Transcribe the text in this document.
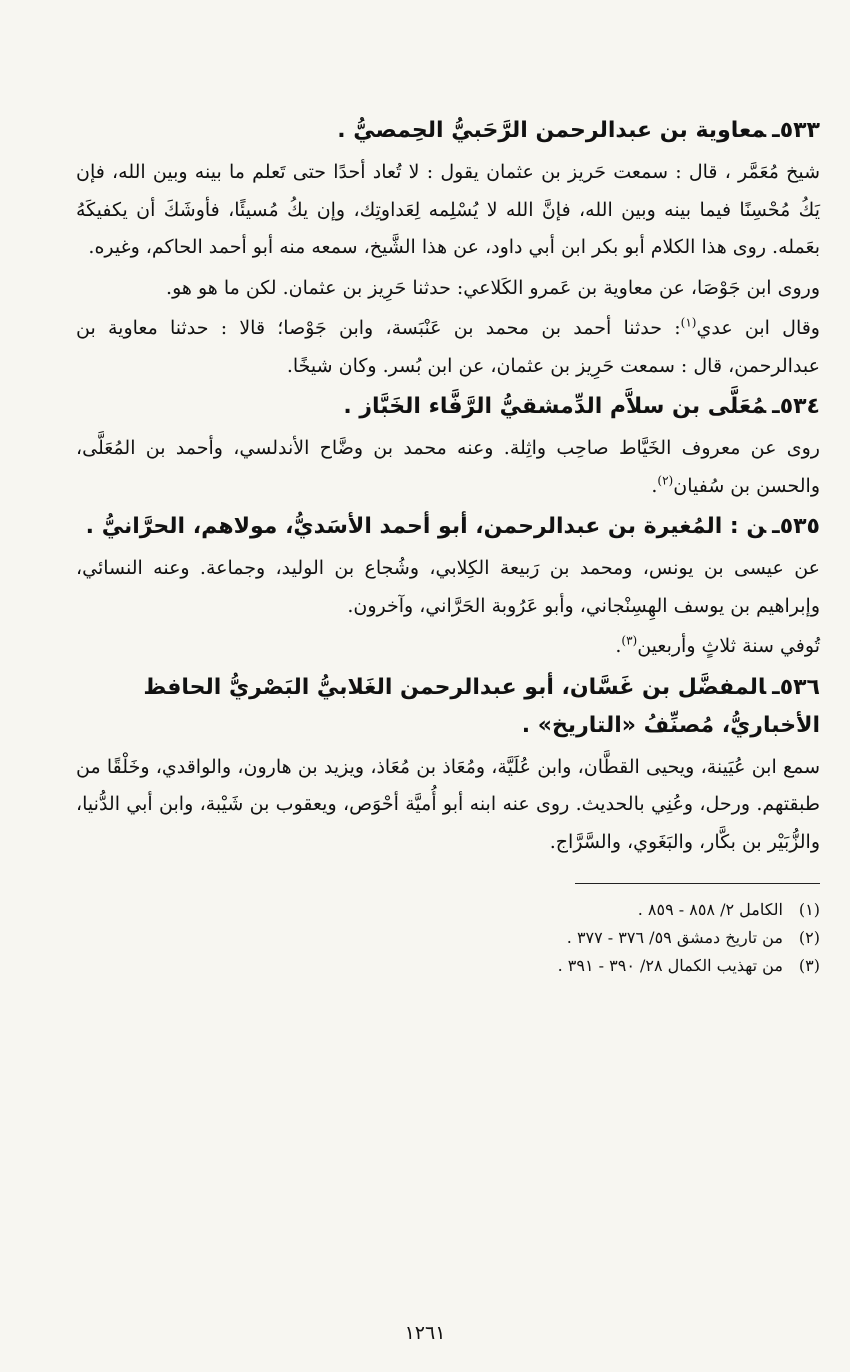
٥٣٣ـمعاوية بن عبدالرحمن الرَّحَبيُّ الحِمصيُّ .

شيخ مُعَمَّر ، قال : سمعت حَريز بن عثمان يقول : لا تُعاد أحدًا حتى تَعلم ما بينه وبين الله، فإن يَكُ مُحْسِنًا فيما بينه وبين الله، فإنَّ الله لا يُسْلِمه لِعَداوتِك، وإن يكُ مُسيئًا، فأوشَكَ أن يكفيكَهُ بعَمله. روى هذا الكلام أبو بكر ابن أبي داود، عن هذا الشَّيخ، سمعه منه أبو أحمد الحاكم، وغيره.

وروى ابن جَوْصَا، عن معاوية بن عَمرو الكَلاعي: حدثنا حَرِيز بن عثمان. لكن ما هو هو.

وقال ابن عدي$^{(١)}$: حدثنا أحمد بن محمد بن عَنْبَسة، وابن جَوْصا؛ قالا : حدثنا معاوية بن عبدالرحمن، قال : سمعت حَرِيز بن عثمان، عن ابن بُسر. وكان شيخًا.

٥٣٤ـمُعَلَّى بن سلاَّم الدِّمشقيُّ الرَّفَّاء الخَبَّاز .

روى عن معروف الخَيَّاط صاحِب واثِلة. وعنه محمد بن وضَّاح الأندلسي، وأحمد بن المُعَلَّى، والحسن بن سُفيان$^{(٢)}$.

٥٣٥ـن : المُغيرة بن عبدالرحمن، أبو أحمد الأسَديُّ، مولاهم، الحرَّانيُّ .

عن عيسى بن يونس، ومحمد بن رَبيعة الكِلابي، وشُجاع بن الوليد، وجماعة. وعنه النسائي، وإبراهيم بن يوسف الهِسِنْجاني، وأبو عَرُوبة الحَرَّاني، وآخرون.

تُوفي سنة ثلاثٍ وأربعين$^{(٣)}$.

٥٣٦ـالمفضَّل بن غَسَّان، أبو عبدالرحمن الغَلابيُّ البَصْريُّ الحافظ الأخباريُّ، مُصنِّفُ «التاريخ» .

سمع ابن عُيَينة، ويحيى القطَّان، وابن عُلَيَّة، ومُعَاذ بن مُعَاذ، ويزيد بن هارون، والواقدي، وخَلْقًا من طبقتهم. ورحل، وعُنِي بالحديث. روى عنه ابنه أبو أُميَّة أحْوَص، ويعقوب بن شَيْبة، وابن أبي الدُّنيا، والزُّبَيْر بن بكَّار، والبَغَوي، والسَّرَّاج.

(١) الكامل ٢/ ٨٥٨ - ٨٥٩ .
(٢) من تاريخ دمشق ٥٩/ ٣٧٦ - ٣٧٧ .
(٣) من تهذيب الكمال ٢٨/ ٣٩٠ - ٣٩١ .
١٢٦١
